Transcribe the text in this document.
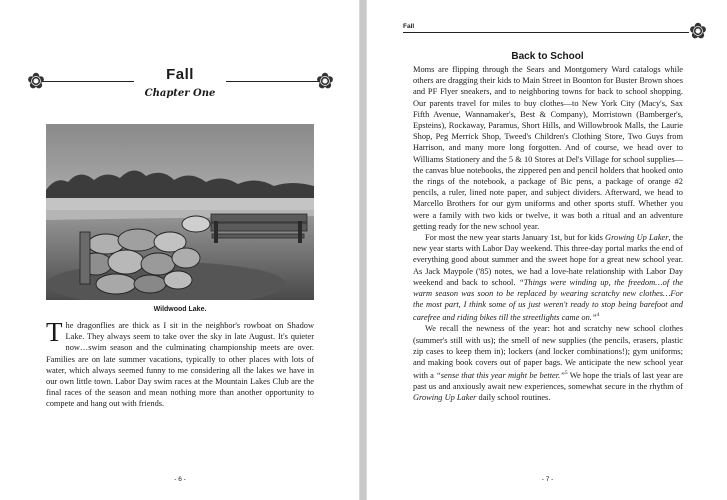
Fall
Chapter One
Wildwood Lake.

The dragonflies are thick as I sit in the neighbor's rowboat on Shadow Lake. They always seem to take over the sky in late August. It's quieter now…swim season and the culminating championship meets are over. Families are on late summer vacations, typically to other places with lots of water, which always seemed funny to me considering all the lakes we have in our own little town. Labor Day swim races at the Mountain Lakes Club are the final races of the season and mean nothing more than another opportunity to compete and hang out with friends.

- 6 -
Fall
Back to School

Moms are flipping through the Sears and Montgomery Ward catalogs while others are dragging their kids to Main Street in Boonton for Buster Brown shoes and PF Flyer sneakers, and to neighboring towns for back to school shopping. Our parents travel for miles to buy clothes—to New York City (Macy's, Sax Fifth Avenue, Wannamaker's, Best & Company), Morristown (Bamberger's, Epsteins), Rockaway, Paramus, Short Hills, and Willowbrook Malls, the Laurie Shop, Peg Merrick Shop, Tweed's Children's Clothing Store, Two Guys from Harrison, and many more long forgotten. And of course, we head over to Williams Stationery and the 5 & 10 Stores at Del's Village for school supplies—the canvas blue notebooks, the zippered pen and pencil holders that hooked onto the rings of the notebook, a package of Bic pens, a package of orange #2 pencils, a ruler, lined note paper, and subject dividers. Afterward, we head to Marcello Brothers for our gym uniforms and other sports stuff. Whether you were a family with two kids or twelve, it was both a ritual and an adventure getting ready for the new school year.

For most the new year starts January 1st, but for kids Growing Up Laker, the new year starts with Labor Day weekend. This three-day portal marks the end of everything good about summer and the sweet hope for a great new school year. As Jack Maypole ('85) notes, we had a love-hate relationship with Labor Day weekend and back to school. “Things were winding up, the freedom…of the warm season was soon to be replaced by wearing scratchy new clothes…For the most part, I think some of us just weren't ready to stop being barefoot and carefree and riding bikes till the streetlights came on.”$^4$

We recall the newness of the year: hot and scratchy new school clothes (summer's still with us); the smell of new supplies (the pencils, erasers, plastic zip cases to keep them in); lockers (and locker combinations!); gym uniforms; and making book covers out of paper bags. We anticipate the new school year with a “sense that this year might be better.”$^5$ We hope the trials of last year are past us and anxiously await new experiences, somewhat secure in the rhythm of Growing Up Laker daily school routines.

- 7 -
